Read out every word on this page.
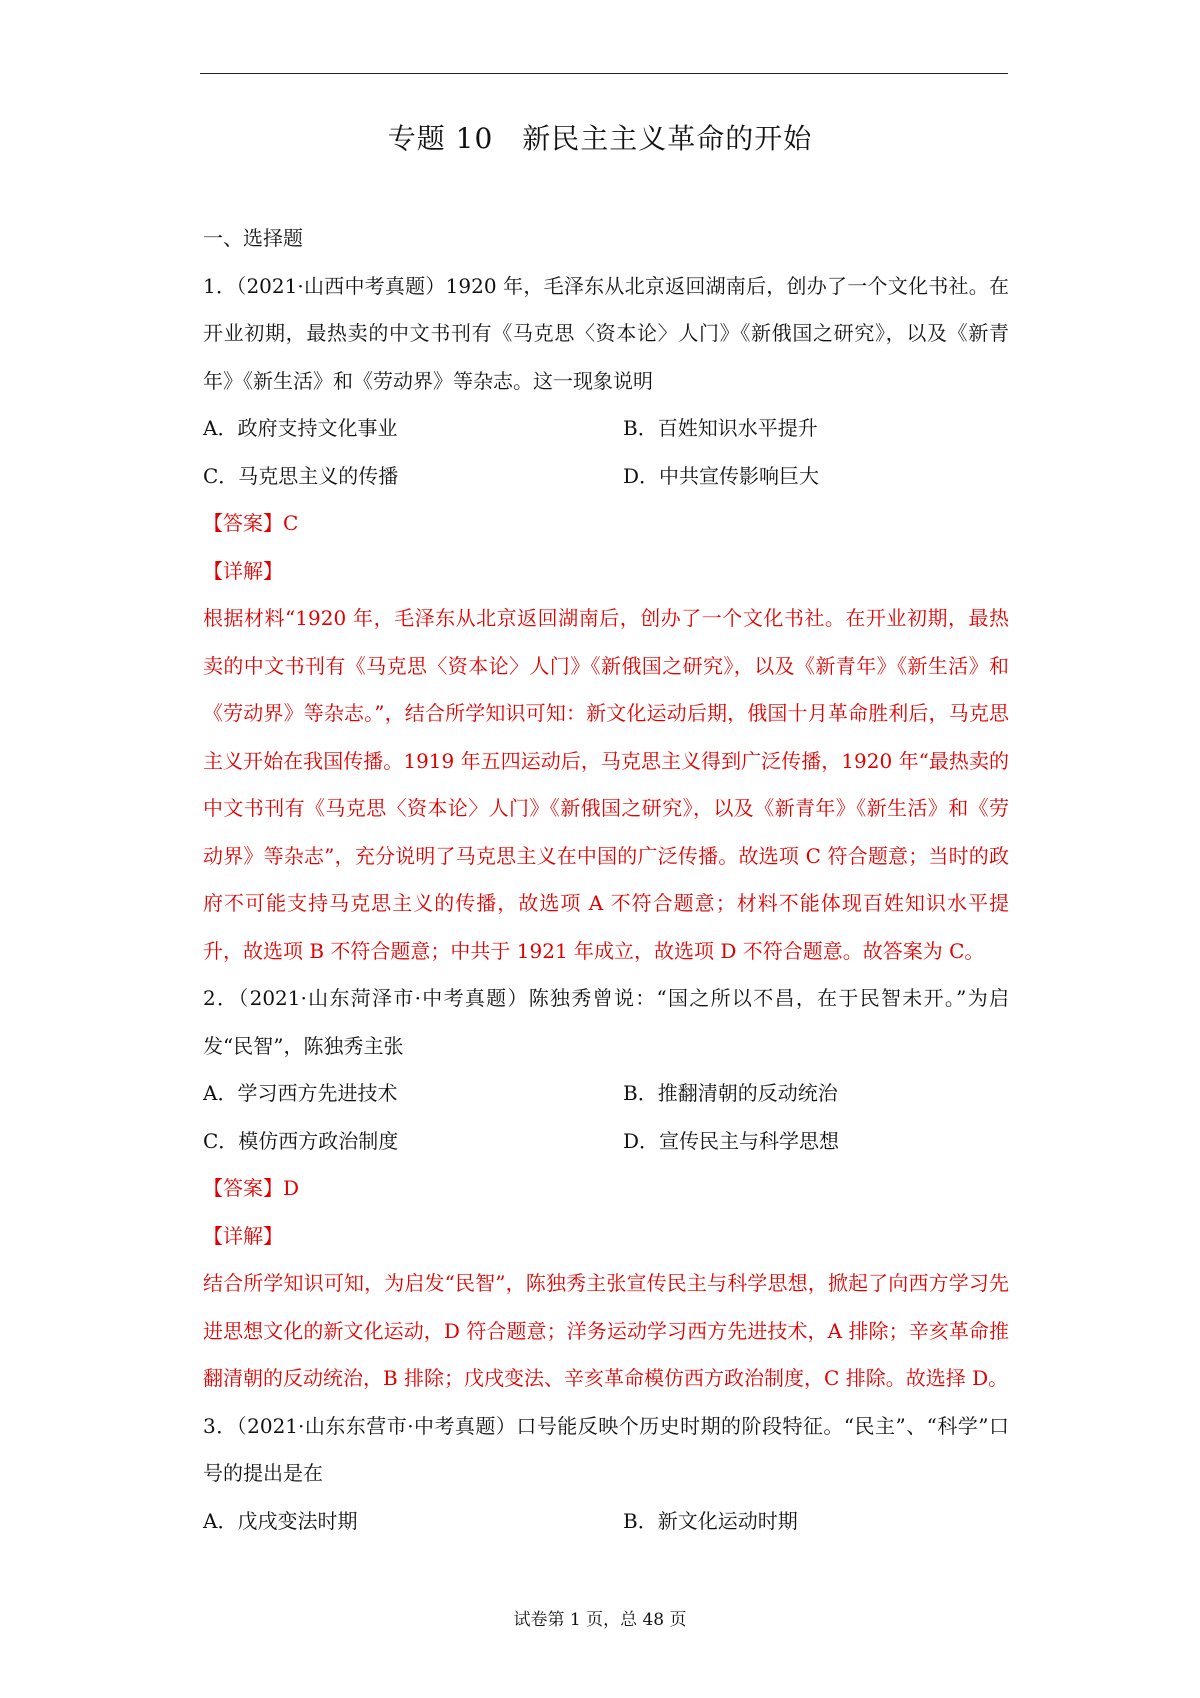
专题 10　新民主主义革命的开始

一、选择题

1．（2021·山西中考真题）1920 年，毛泽东从北京返回湖南后，创办了一个文化书社。在开业初期，最热卖的中文书刊有《马克思〈资本论〉人门》《新俄国之研究》，以及《新青年》《新生活》和《劳动界》等杂志。这一现象说明

A．政府支持文化事业	B．百姓知识水平提升
C．马克思主义的传播	D．中共宣传影响巨大

【答案】C

【详解】

根据材料“1920 年，毛泽东从北京返回湖南后，创办了一个文化书社。在开业初期，最热卖的中文书刊有《马克思〈资本论〉人门》《新俄国之研究》，以及《新青年》《新生活》和《劳动界》等杂志。”，结合所学知识可知：新文化运动后期，俄国十月革命胜利后，马克思主义开始在我国传播。1919 年五四运动后，马克思主义得到广泛传播，1920 年“最热卖的中文书刊有《马克思〈资本论〉人门》《新俄国之研究》，以及《新青年》《新生活》和《劳动界》等杂志”，充分说明了马克思主义在中国的广泛传播。故选项 C 符合题意；当时的政府不可能支持马克思主义的传播，故选项 A 不符合题意；材料不能体现百姓知识水平提升，故选项 B 不符合题意；中共于 1921 年成立，故选项 D 不符合题意。故答案为 C。

2．（2021·山东菏泽市·中考真题）陈独秀曾说：“国之所以不昌，在于民智未开。”为启发“民智”，陈独秀主张

A．学习西方先进技术	B．推翻清朝的反动统治
C．模仿西方政治制度	D．宣传民主与科学思想

【答案】D

【详解】

结合所学知识可知，为启发“民智”，陈独秀主张宣传民主与科学思想，掀起了向西方学习先进思想文化的新文化运动，D 符合题意；洋务运动学习西方先进技术，A 排除；辛亥革命推翻清朝的反动统治，B 排除；戊戌变法、辛亥革命模仿西方政治制度，C 排除。故选择 D。

3．（2021·山东东营市·中考真题）口号能反映个历史时期的阶段特征。“民主”、“科学”口号的提出是在

A．戊戌变法时期	B．新文化运动时期
试卷第 1 页，总 48 页
